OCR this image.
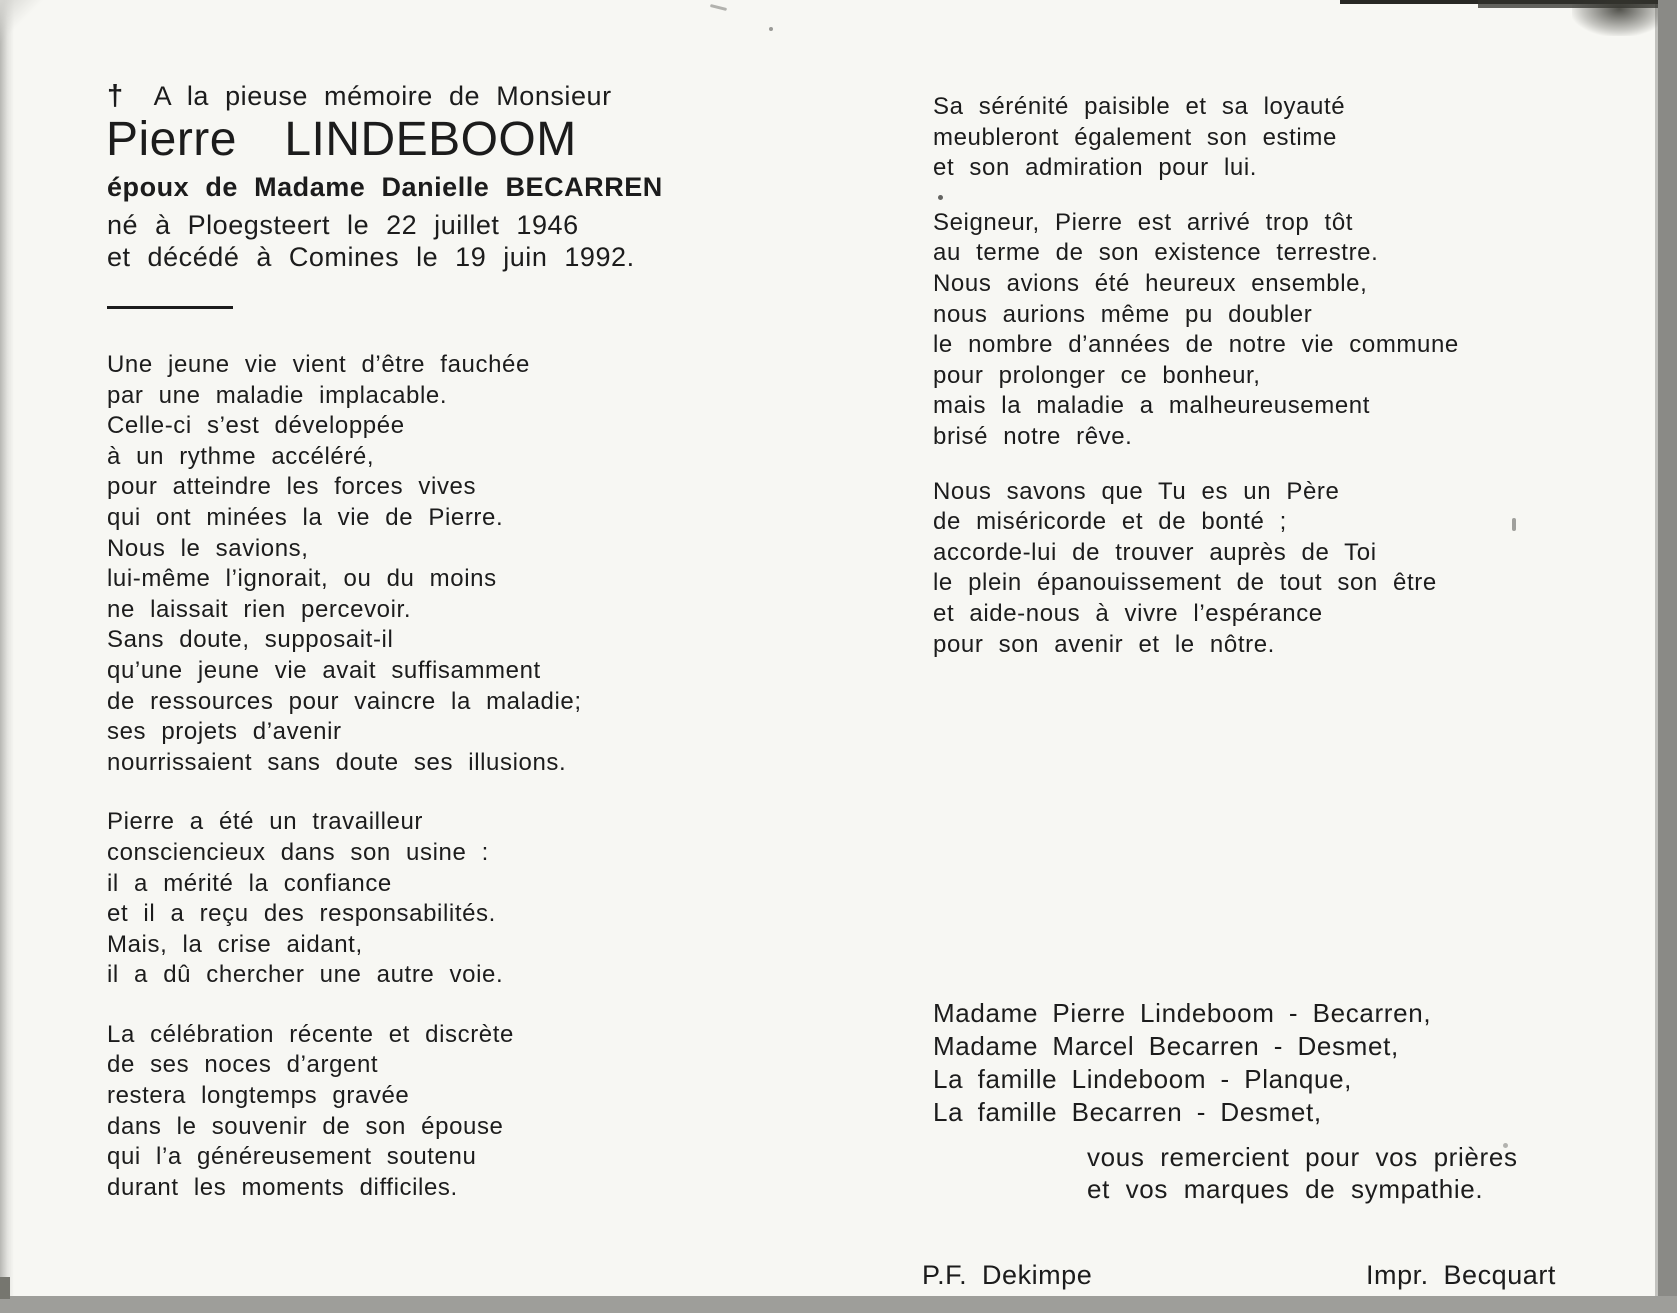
† A la pieuse mémoire de Monsieur
Pierre LINDEBOOM
époux de Madame Danielle BECARREN
né à Ploegsteert le 22 juillet 1946
et décédé à Comines le 19 juin 1992.
Une jeune vie vient d’être fauchée
par une maladie implacable.
Celle-ci s’est développée
à un rythme accéléré,
pour atteindre les forces vives
qui ont minées la vie de Pierre.
Nous le savions,
lui-même l’ignorait, ou du moins
ne laissait rien percevoir.
Sans doute, supposait-il
qu’une jeune vie avait suffisamment
de ressources pour vaincre la maladie;
ses projets d’avenir
nourrissaient sans doute ses illusions.
Pierre a été un travailleur
consciencieux dans son usine :
il a mérité la confiance
et il a reçu des responsabilités.
Mais, la crise aidant,
il a dû chercher une autre voie.
La célébration récente et discrète
de ses noces d’argent
restera longtemps gravée
dans le souvenir de son épouse
qui l’a généreusement soutenu
durant les moments difficiles.
Sa sérénité paisible et sa loyauté
meubleront également son estime
et son admiration pour lui.
Seigneur, Pierre est arrivé trop tôt
au terme de son existence terrestre.
Nous avions été heureux ensemble,
nous aurions même pu doubler
le nombre d’années de notre vie commune
pour prolonger ce bonheur,
mais la maladie a malheureusement
brisé notre rêve.
Nous savons que Tu es un Père
de miséricorde et de bonté ;
accorde-lui de trouver auprès de Toi
le plein épanouissement de tout son être
et aide-nous à vivre l’espérance
pour son avenir et le nôtre.
Madame Pierre Lindeboom - Becarren,
Madame Marcel Becarren - Desmet,
La famille Lindeboom - Planque,
La famille Becarren - Desmet,
vous remercient pour vos prières
et vos marques de sympathie.
P.F. Dekimpe	Impr. Becquart
